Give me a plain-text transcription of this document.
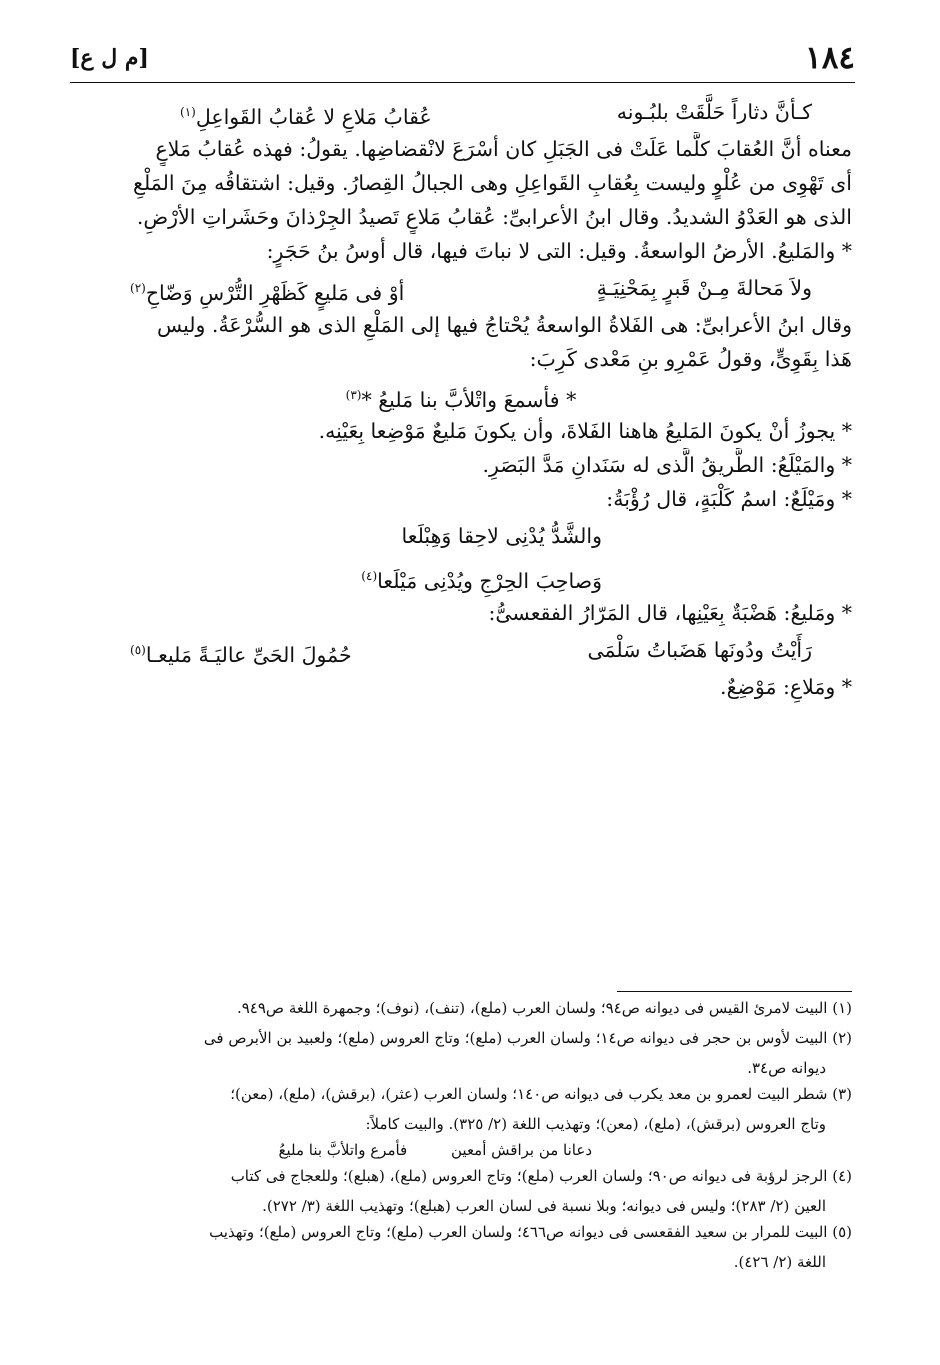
١٨٤
[م ل ع]
كـأنَّ دثاراً حَلَّقَتْ بلبُـونه
عُقابُ مَلاعِ لا عُقابُ القَواعِلِ$^{(١)}$
معناه أنَّ العُقابَ كلَّما عَلَتْ فى الجَبَلِ كان أسْرَعَ لانْقضاضِها. يقولُ: فهذه عُقابُ مَلاعٍ
أى تَهْوِى من عُلْوٍ وليست بِعُقابِ القَواعِلِ وهى الجبالُ القِصارُ. وقيل: اشتقاقُه مِنَ المَلْعِ
الذى هو العَدْوُ الشديدُ. وقال ابنُ الأعرابىِّ: عُقابُ مَلاعٍ تَصيدُ الجِرْذانَ وحَشَراتِ الأرْضِ.
* والمَليعُ. الأرضُ الواسعةُ. وقيل: التى لا نباتَ فيها، قال أوسُ بنُ حَجَرٍ:
ولاَ مَحالةَ مِـنْ قَبرٍ بِمَحْنِيَـةٍ
أوْ فى مَليعٍ كَظَهْرِ التُّرْسِ وَضّاحِ$^{(٢)}$
وقال ابنُ الأعرابىِّ: هى الفَلاةُ الواسعةُ يُحْتاجُ فيها إلى المَلْعِ الذى هو السُّرْعَةُ. وليس
هَذا بِقَوِىٍّ، وقولُ عَمْرِو بنِ مَعْدى كَرِبَ:
* فأسمعَ واتْلأبَّ بنا مَليعُ *$^{(٣)}$
* يجوزُ أنْ يكونَ المَليعُ هاهنا الفَلاةَ، وأن يكونَ مَليعٌ مَوْضِعا بِعَيْنِه.
* والمَيْلَعُ: الطَّريقُ الَّذى له سَنَدانِ مَدَّ البَصَرِ.
* ومَيْلَعٌ: اسمُ كَلْبَةٍ، قال رُؤْبَةُ:
والشَّدُّ يُدْنِى لاحِقا وَهِبْلَعا
وَصاحِبَ الحِرْجِ ويُدْنِى مَيْلَعا$^{(٤)}$
* ومَليعُ: هَضْبَةٌ بِعَيْنِها، قال المَرّارُ الفقعسىُّ:
رَأَيْتُ ودُونَها هَضَباتُ سَلْمَى
حُمُولَ الحَىِّ عاليَـةً مَليعـا$^{(٥)}$
* ومَلاعِ: مَوْضِعٌ.
(١) البيت لامرئ القيس فى ديوانه ص٩٤؛ ولسان العرب (ملع)، (تنف)، (نوف)؛ وجمهرة اللغة ص٩٤٩.
(٢) البيت لأوس بن حجر فى ديوانه ص١٤؛ ولسان العرب (ملع)؛ وتاج العروس (ملع)؛ ولعبيد بن الأبرص فى
ديوانه ص٣٤.
(٣) شطر البيت لعمرو بن معد يكرب فى ديوانه ص١٤٠؛ ولسان العرب (عثر)، (برقش)، (ملع)، (معن)؛
وتاج العروس (برقش)، (ملع)، (معن)؛ وتهذيب اللغة (٢/ ٣٢٥). والبيت كاملاً:
دعانا من براقش أمعين فأمرع واتلأبَّ بنا مليعُ
(٤) الرجز لرؤبة فى ديوانه ص٩٠؛ ولسان العرب (ملع)؛ وتاج العروس (ملع)، (هبلع)؛ وللعجاج فى كتاب
العين (٢/ ٢٨٣)؛ وليس فى ديوانه؛ وبلا نسبة فى لسان العرب (هبلع)؛ وتهذيب اللغة (٣/ ٢٧٢).
(٥) البيت للمرار بن سعيد الفقعسى فى ديوانه ص٤٦٦؛ ولسان العرب (ملع)؛ وتاج العروس (ملع)؛ وتهذيب
اللغة (٢/ ٤٢٦).
